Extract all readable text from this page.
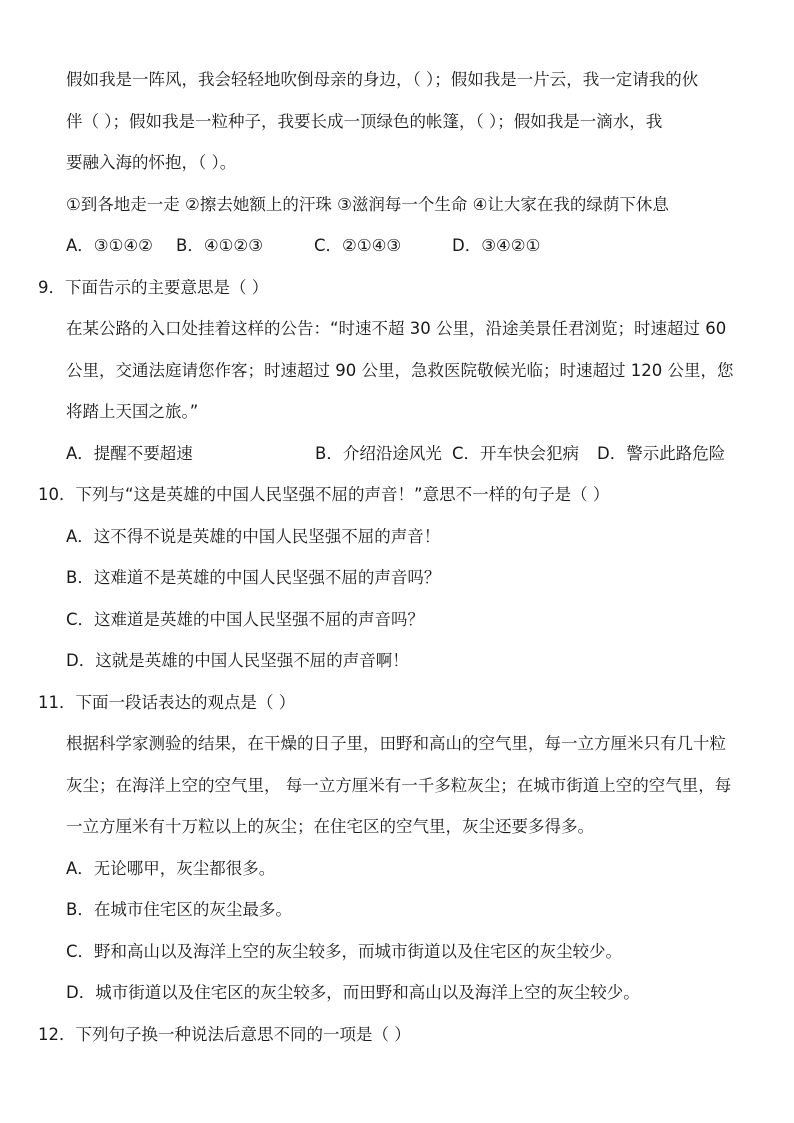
假如我是一阵风，我会轻轻地吹倒母亲的身边，（ ）；假如我是一片云，我一定请我的伙
伴（ ）；假如我是一粒种子，我要长成一顶绿色的帐篷，（ ）；假如我是一滴水，我
要融入海的怀抱，（ ）。
①到各地走一走 ②擦去她额上的汗珠 ③滋润每一个生命 ④让大家在我的绿荫下休息
A．③①④② B．④①②③	C．②①④③	D．③④②①
9．下面告示的主要意思是（ ）
在某公路的入口处挂着这样的公告：“时速不超 30 公里，沿途美景任君浏览；时速超过 60
公里，交通法庭请您作客；时速超过 90 公里，急救医院敬候光临；时速超过 120 公里，您
将踏上天国之旅。”
A．提醒不要超速	B．介绍沿途风光 C．开车快会犯病 D．警示此路危险
10．下列与“这是英雄的中国人民坚强不屈的声音！”意思不一样的句子是（ ）
A．这不得不说是英雄的中国人民坚强不屈的声音！
B．这难道不是英雄的中国人民坚强不屈的声音吗？
C．这难道是英雄的中国人民坚强不屈的声音吗？
D．这就是英雄的中国人民坚强不屈的声音啊！
11．下面一段话表达的观点是（ ）
根据科学家测验的结果，在干燥的日子里，田野和高山的空气里，每一立方厘米只有几十粒
灰尘；在海洋上空的空气里， 每一立方厘米有一千多粒灰尘；在城市街道上空的空气里，每
一立方厘米有十万粒以上的灰尘；在住宅区的空气里，灰尘还要多得多。
A．无论哪甲，灰尘都很多。
B．在城市住宅区的灰尘最多。
C．野和高山以及海洋上空的灰尘较多，而城市街道以及住宅区的灰尘较少。
D．城市街道以及住宅区的灰尘较多，而田野和高山以及海洋上空的灰尘较少。
12．下列句子换一种说法后意思不同的一项是（ ）
